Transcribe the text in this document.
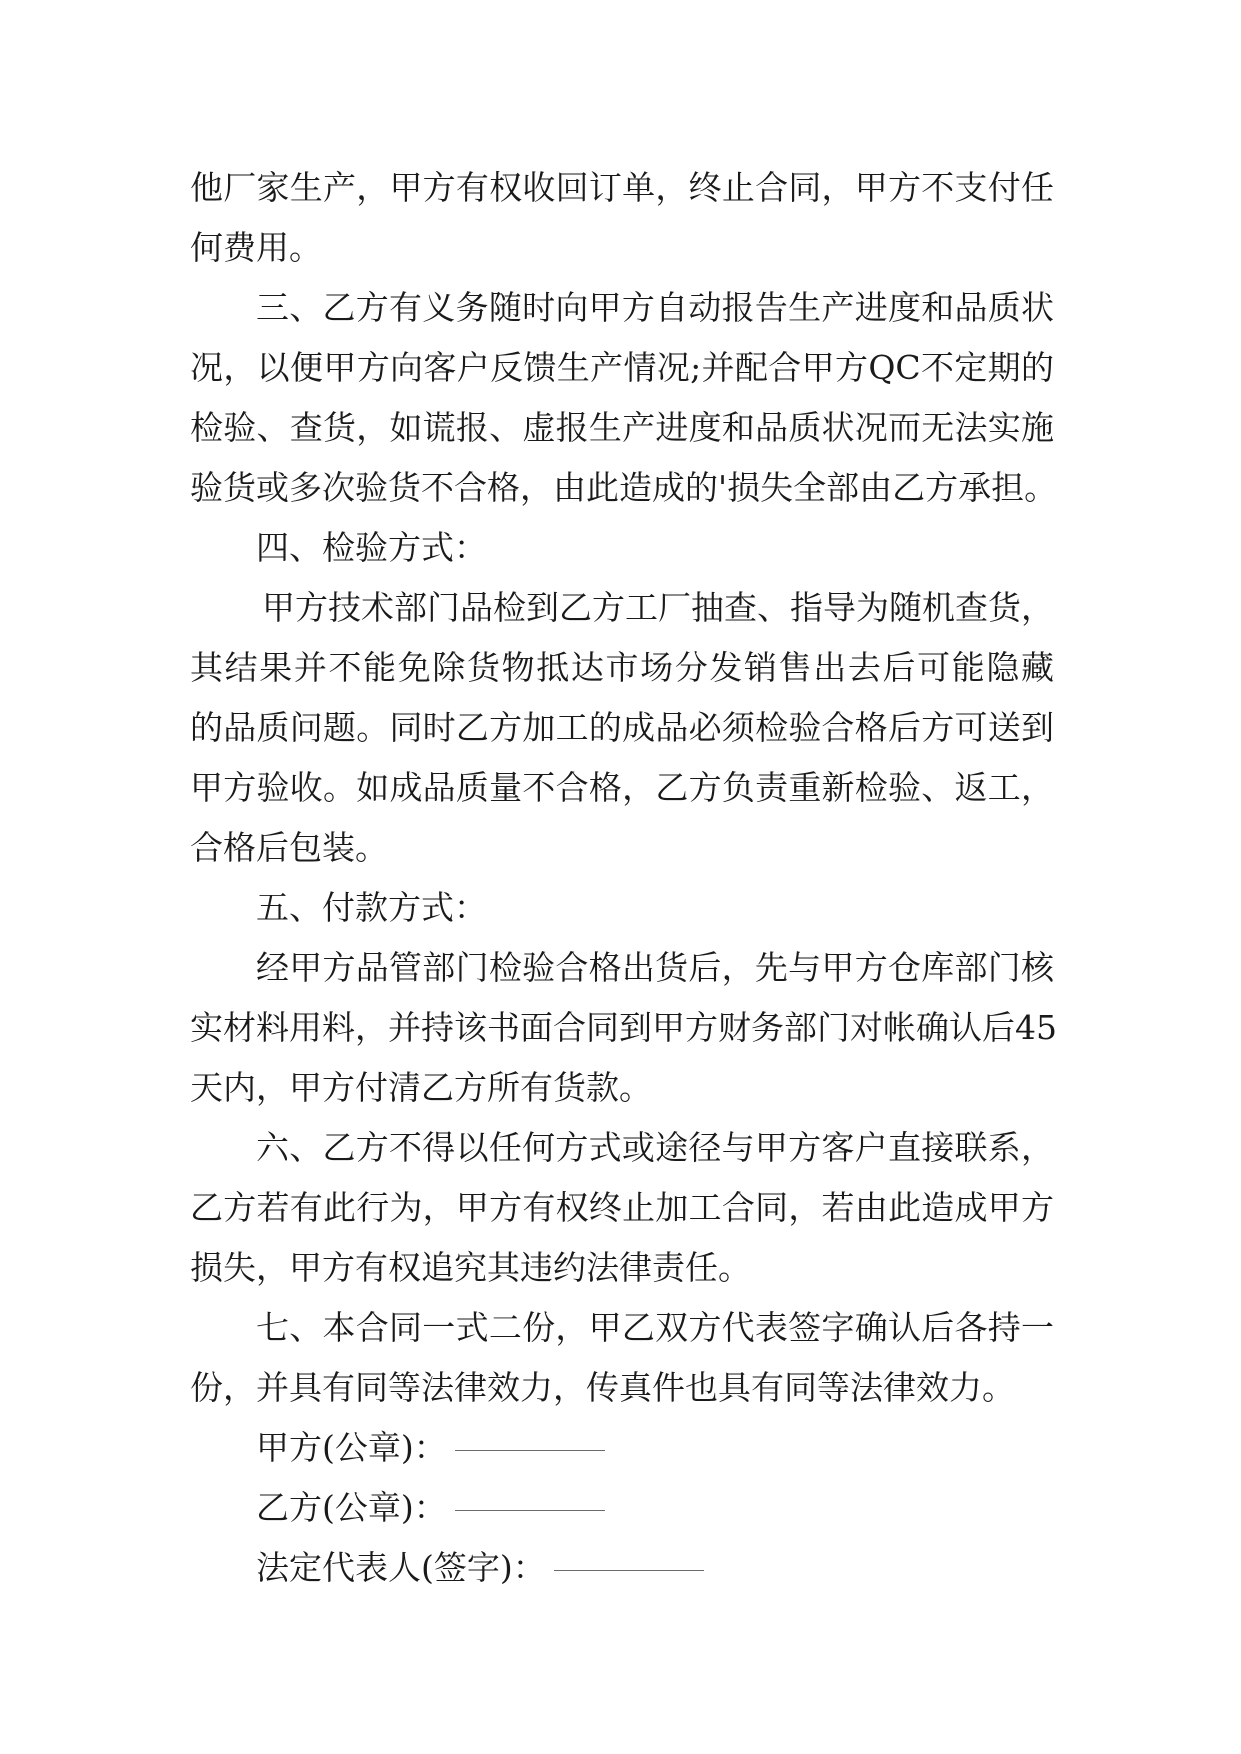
他厂家生产，甲方有权收回订单，终止合同，甲方不支付任
何费用。
三、乙方有义务随时向甲方自动报告生产进度和品质状
况，以便甲方向客户反馈生产情况;并配合甲方QC不定期的
检验、查货，如谎报、虚报生产进度和品质状况而无法实施
验货或多次验货不合格，由此造成的'损失全部由乙方承担。
四、检验方式：
甲方技术部门品检到乙方工厂抽查、指导为随机查货，
其结果并不能免除货物抵达市场分发销售出去后可能隐藏
的品质问题。同时乙方加工的成品必须检验合格后方可送到
甲方验收。如成品质量不合格，乙方负责重新检验、返工，
合格后包装。
五、付款方式：
经甲方品管部门检验合格出货后，先与甲方仓库部门核
实材料用料，并持该书面合同到甲方财务部门对帐确认后45
天内，甲方付清乙方所有货款。
六、乙方不得以任何方式或途径与甲方客户直接联系，
乙方若有此行为，甲方有权终止加工合同，若由此造成甲方
损失，甲方有权追究其违约法律责任。
七、本合同一式二份，甲乙双方代表签字确认后各持一
份，并具有同等法律效力，传真件也具有同等法律效力。
甲方(公章)：
乙方(公章)：
法定代表人(签字)：
